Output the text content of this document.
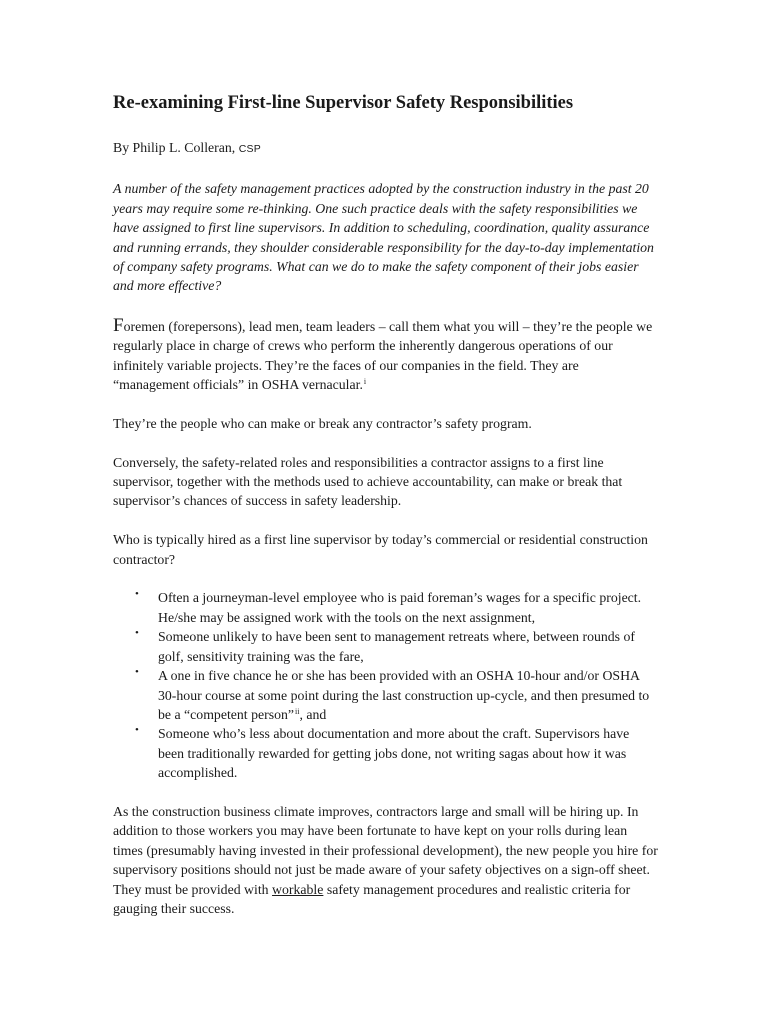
Re-examining First-line Supervisor Safety Responsibilities

By Philip L. Colleran, CSP

A number of the safety management practices adopted by the construction industry in the past 20 years may require some re-thinking. One such practice deals with the safety responsibilities we have assigned to first line supervisors. In addition to scheduling, coordination, quality assurance and running errands, they shoulder considerable responsibility for the day-to-day implementation of company safety programs. What can we do to make the safety component of their jobs easier and more effective?

Foremen (forepersons), lead men, team leaders – call them what you will – they’re the people we regularly place in charge of crews who perform the inherently dangerous operations of our infinitely variable projects. They’re the faces of our companies in the field. They are “management officials” in OSHA vernacular.$^i$

They’re the people who can make or break any contractor’s safety program.

Conversely, the safety-related roles and responsibilities a contractor assigns to a first line supervisor, together with the methods used to achieve accountability, can make or break that supervisor’s chances of success in safety leadership.

Who is typically hired as a first line supervisor by today’s commercial or residential construction contractor?

• Often a journeyman-level employee who is paid foreman’s wages for a specific project. He/she may be assigned work with the tools on the next assignment,
• Someone unlikely to have been sent to management retreats where, between rounds of golf, sensitivity training was the fare,
• A one in five chance he or she has been provided with an OSHA 10-hour and/or OSHA 30-hour course at some point during the last construction up-cycle, and then presumed to be a “competent person”$^{ii}$, and
• Someone who’s less about documentation and more about the craft. Supervisors have been traditionally rewarded for getting jobs done, not writing sagas about how it was accomplished.

As the construction business climate improves, contractors large and small will be hiring up. In addition to those workers you may have been fortunate to have kept on your rolls during lean times (presumably having invested in their professional development), the new people you hire for supervisory positions should not just be made aware of your safety objectives on a sign-off sheet. They must be provided with workable safety management procedures and realistic criteria for gauging their success.
